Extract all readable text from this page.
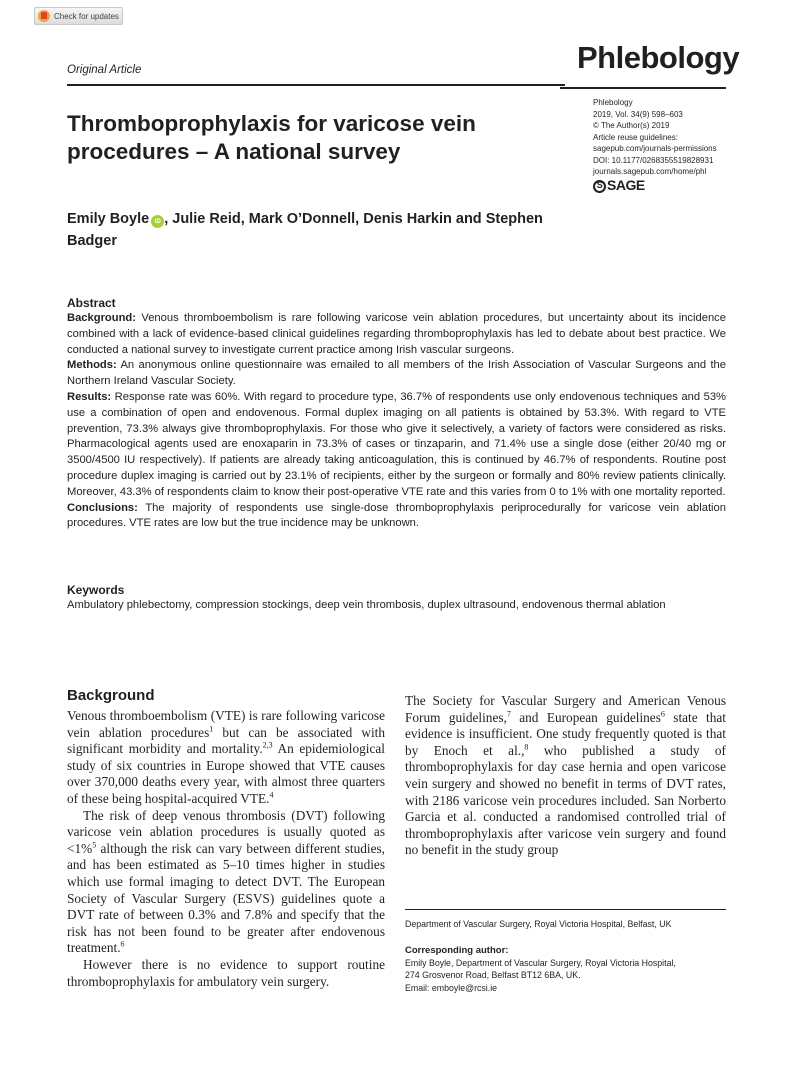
Check for updates
Original Article	Phlebology
Phlebology
2019, Vol. 34(9) 598–603
© The Author(s) 2019
Article reuse guidelines:
sagepub.com/journals-permissions
DOI: 10.1177/0268355519828931
journals.sagepub.com/home/phl
S SAGE
Thromboprophylaxis for varicose vein procedures – A national survey
Emily Boyle iD , Julie Reid, Mark O’Donnell, Denis Harkin and Stephen Badger
Abstract
Background: Venous thromboembolism is rare following varicose vein ablation procedures, but uncertainty about its incidence combined with a lack of evidence-based clinical guidelines regarding thromboprophylaxis has led to debate about best practice. We conducted a national survey to investigate current practice among Irish vascular surgeons.
Methods: An anonymous online questionnaire was emailed to all members of the Irish Association of Vascular Surgeons and the Northern Ireland Vascular Society.
Results: Response rate was 60%. With regard to procedure type, 36.7% of respondents use only endovenous techniques and 53% use a combination of open and endovenous. Formal duplex imaging on all patients is obtained by 53.3%. With regard to VTE prevention, 73.3% always give thromboprophylaxis. For those who give it selectively, a variety of factors were considered as risks. Pharmacological agents used are enoxaparin in 73.3% of cases or tinzaparin, and 71.4% use a single dose (either 20/40 mg or 3500/4500 IU respectively). If patients are already taking anticoagulation, this is continued by 46.7% of respondents. Routine post procedure duplex imaging is carried out by 23.1% of recipients, either by the surgeon or formally and 80% review patients clinically. Moreover, 43.3% of respondents claim to know their post-operative VTE rate and this varies from 0 to 1% with one mortality reported.
Conclusions: The majority of respondents use single-dose thromboprophylaxis periprocedurally for varicose vein ablation procedures. VTE rates are low but the true incidence may be unknown.
Keywords
Ambulatory phlebectomy, compression stockings, deep vein thrombosis, duplex ultrasound, endovenous thermal ablation
Background

Venous thromboembolism (VTE) is rare following varicose vein ablation procedures$^1$ but can be associated with significant morbidity and mortality.$^{2,3}$ An epidemiological study of six countries in Europe showed that VTE causes over 370,000 deaths every year, with almost three quarters of these being hospital-acquired VTE.$^4$

The risk of deep venous thrombosis (DVT) following varicose vein ablation procedures is usually quoted as <1%$^5$ although the risk can vary between different studies, and has been estimated as 5–10 times higher in studies which use formal imaging to detect DVT. The European Society of Vascular Surgery (ESVS) guidelines quote a DVT rate of between 0.3% and 7.8% and specify that the risk has not been found to be greater after endovenous treatment.$^6$

However there is no evidence to support routine thromboprophylaxis for ambulatory vein surgery.

The Society for Vascular Surgery and American Venous Forum guidelines,$^7$ and European guidelines$^6$ state that evidence is insufficient. One study frequently quoted is that by Enoch et al.,$^8$ who published a study of thromboprophylaxis for day case hernia and open varicose vein surgery and showed no benefit in terms of DVT rates, with 2186 varicose vein procedures included. San Norberto Garcia et al. conducted a randomised controlled trial of thromboprophylaxis after varicose vein surgery and found no benefit in the study group

Department of Vascular Surgery, Royal Victoria Hospital, Belfast, UK
Corresponding author:
Emily Boyle, Department of Vascular Surgery, Royal Victoria Hospital,
274 Grosvenor Road, Belfast BT12 6BA, UK.
Email: emboyle@rcsi.ie
